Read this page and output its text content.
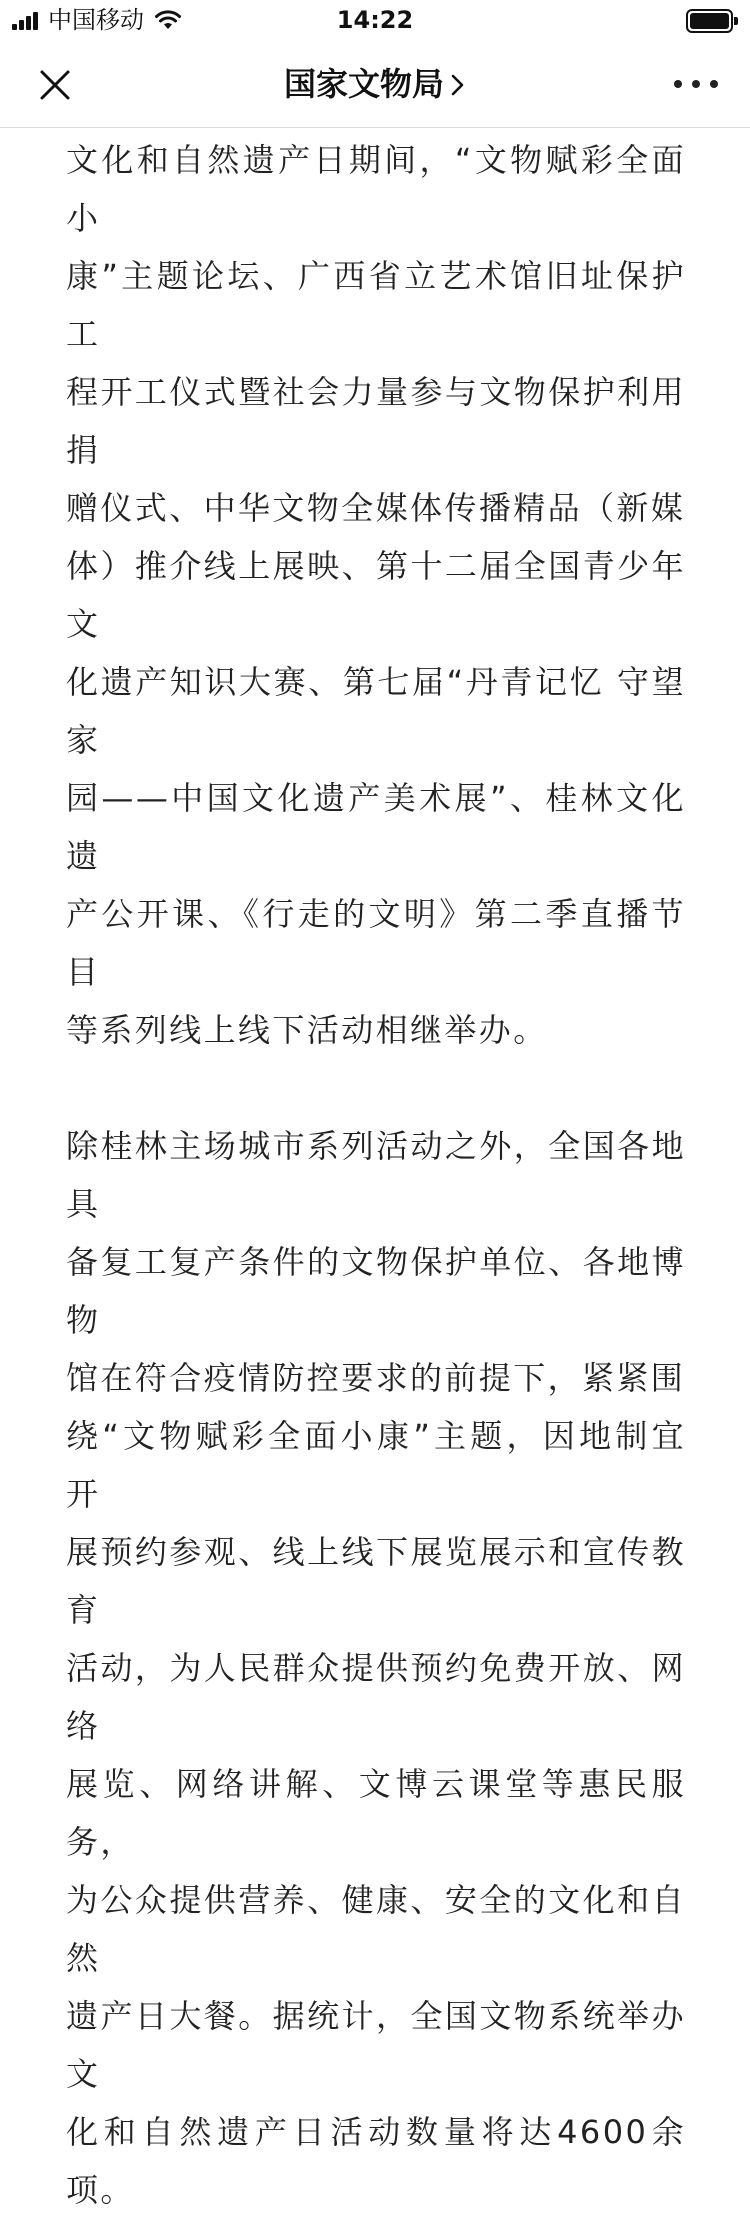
中国移动	14:22
国家文物局

文化和自然遗产日期间，“文物赋彩全面小
康”主题论坛、广西省立艺术馆旧址保护工
程开工仪式暨社会力量参与文物保护利用捐
赠仪式、中华文物全媒体传播精品（新媒
体）推介线上展映、第十二届全国青少年文
化遗产知识大赛、第七届“丹青记忆 守望家
园——中国文化遗产美术展”、桂林文化遗
产公开课、《行走的文明》第二季直播节目
等系列线上线下活动相继举办。

除桂林主场城市系列活动之外，全国各地具
备复工复产条件的文物保护单位、各地博物
馆在符合疫情防控要求的前提下，紧紧围
绕“文物赋彩全面小康”主题，因地制宜开
展预约参观、线上线下展览展示和宣传教育
活动，为人民群众提供预约免费开放、网络
展览、网络讲解、文博云课堂等惠民服务，
为公众提供营养、健康、安全的文化和自然
遗产日大餐。据统计，全国文物系统举办文
化和自然遗产日活动数量将达4600余项。
